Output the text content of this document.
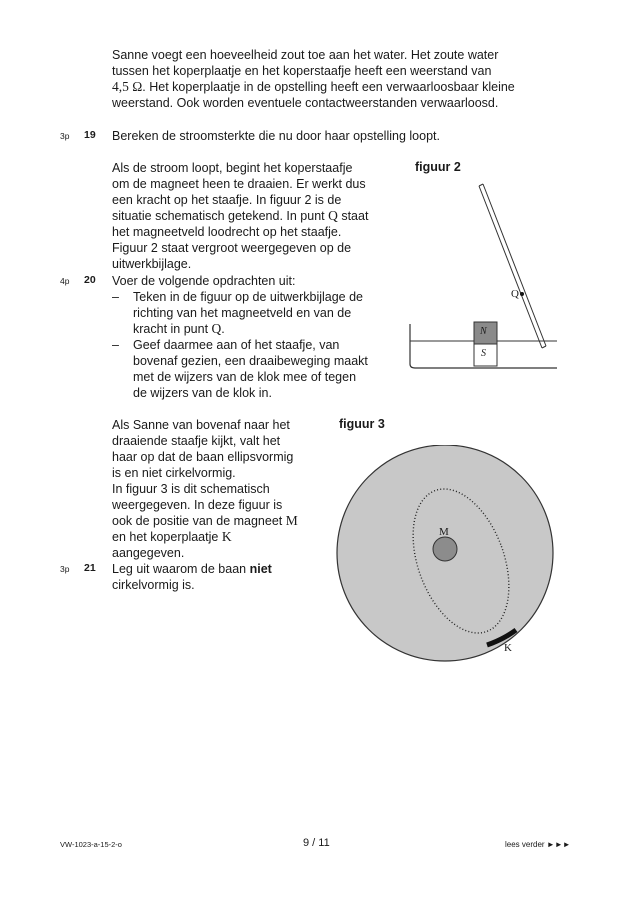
Sanne voegt een hoeveelheid zout toe aan het water. Het zoute water
tussen het koperplaatje en het koperstaafje heeft een weerstand van
4,5 Ω. Het koperplaatje in de opstelling heeft een verwaarloosbaar kleine
weerstand. Ook worden eventuele contactweerstanden verwaarloosd.
3p 19 Bereken de stroomsterkte die nu door haar opstelling loopt.
Als de stroom loopt, begint het koperstaafje
om de magneet heen te draaien. Er werkt dus
een kracht op het staafje. In figuur 2 is de
situatie schematisch getekend. In punt Q staat
het magneetveld loodrecht op het staafje.
Figuur 2 staat vergroot weergegeven op de
uitwerkbijlage.
4p 20 Voer de volgende opdrachten uit:
– Teken in de figuur op de uitwerkbijlage de
richting van het magneetveld en van de
kracht in punt Q.
– Geef daarmee aan of het staafje, van
bovenaf gezien, een draaibeweging maakt
met de wijzers van de klok mee of tegen
de wijzers van de klok in.
figuur 2
Q
N
S
Als Sanne van bovenaf naar het
draaiende staafje kijkt, valt het
haar op dat de baan ellipsvormig
is en niet cirkelvormig.
In figuur 3 is dit schematisch
weergegeven. In deze figuur is
ook de positie van de magneet M
en het koperplaatje K
aangegeven.
3p 21 Leg uit waarom de baan niet
cirkelvormig is.
figuur 3
M
K
VW-1023-a-15-2-o	9 / 11	lees verder ►►►
